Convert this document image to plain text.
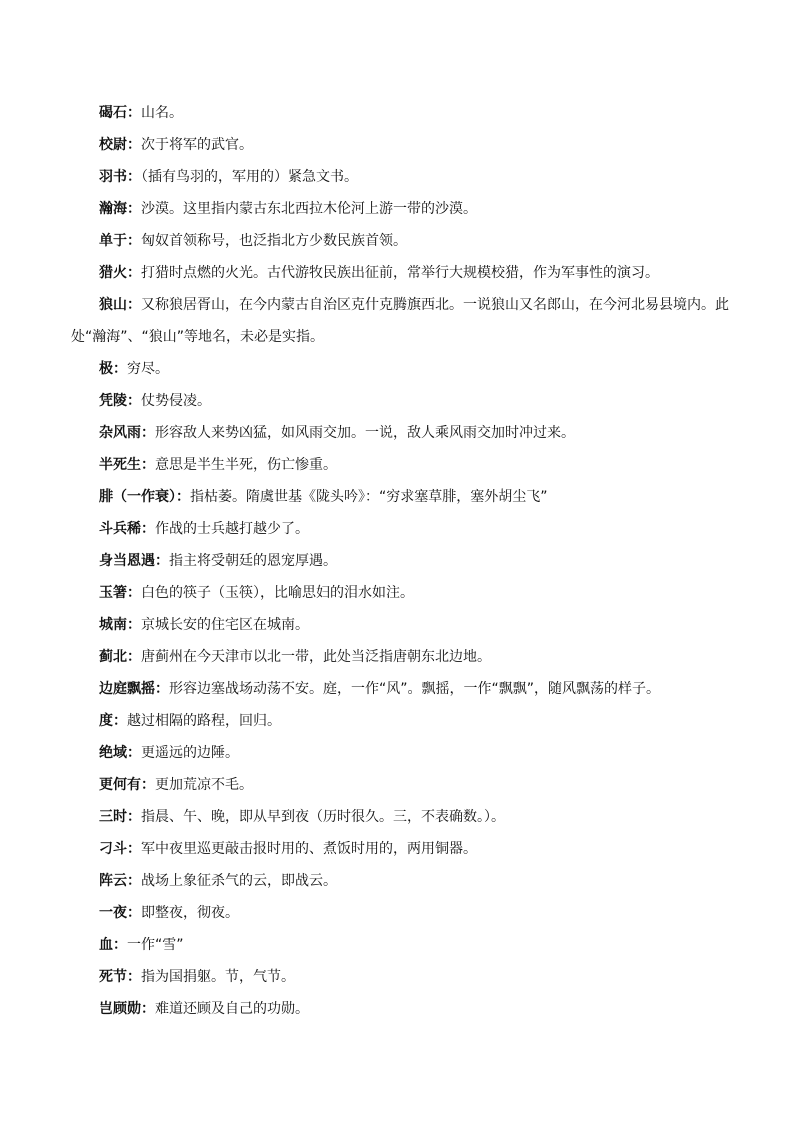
碣石：山名。

校尉：次于将军的武官。

羽书：（插有鸟羽的，军用的）紧急文书。

瀚海：沙漠。这里指内蒙古东北西拉木伦河上游一带的沙漠。

单于：匈奴首领称号，也泛指北方少数民族首领。

猎火：打猎时点燃的火光。古代游牧民族出征前，常举行大规模校猎，作为军事性的演习。

狼山：又称狼居胥山，在今内蒙古自治区克什克腾旗西北。一说狼山又名郎山，在今河北易县境内。此处“瀚海”、“狼山”等地名，未必是实指。

极：穷尽。

凭陵：仗势侵凌。

杂风雨：形容敌人来势凶猛，如风雨交加。一说，敌人乘风雨交加时冲过来。

半死生：意思是半生半死，伤亡惨重。

腓（一作衰）：指枯萎。隋虞世基《陇头吟》：“穷求塞草腓，塞外胡尘飞”

斗兵稀：作战的士兵越打越少了。

身当恩遇：指主将受朝廷的恩宠厚遇。

玉箸：白色的筷子（玉筷），比喻思妇的泪水如注。

城南：京城长安的住宅区在城南。

蓟北：唐蓟州在今天津市以北一带，此处当泛指唐朝东北边地。

边庭飘摇：形容边塞战场动荡不安。庭，一作“风”。飘摇，一作“飘飘”，随风飘荡的样子。

度：越过相隔的路程，回归。

绝域：更遥远的边陲。

更何有：更加荒凉不毛。

三时：指晨、午、晚，即从早到夜（历时很久。三，不表确数。）。

刁斗：军中夜里巡更敲击报时用的、煮饭时用的，两用铜器。

阵云：战场上象征杀气的云，即战云。

一夜：即整夜，彻夜。

血：一作“雪”

死节：指为国捐躯。节，气节。

岂顾勋：难道还顾及自己的功勋。
